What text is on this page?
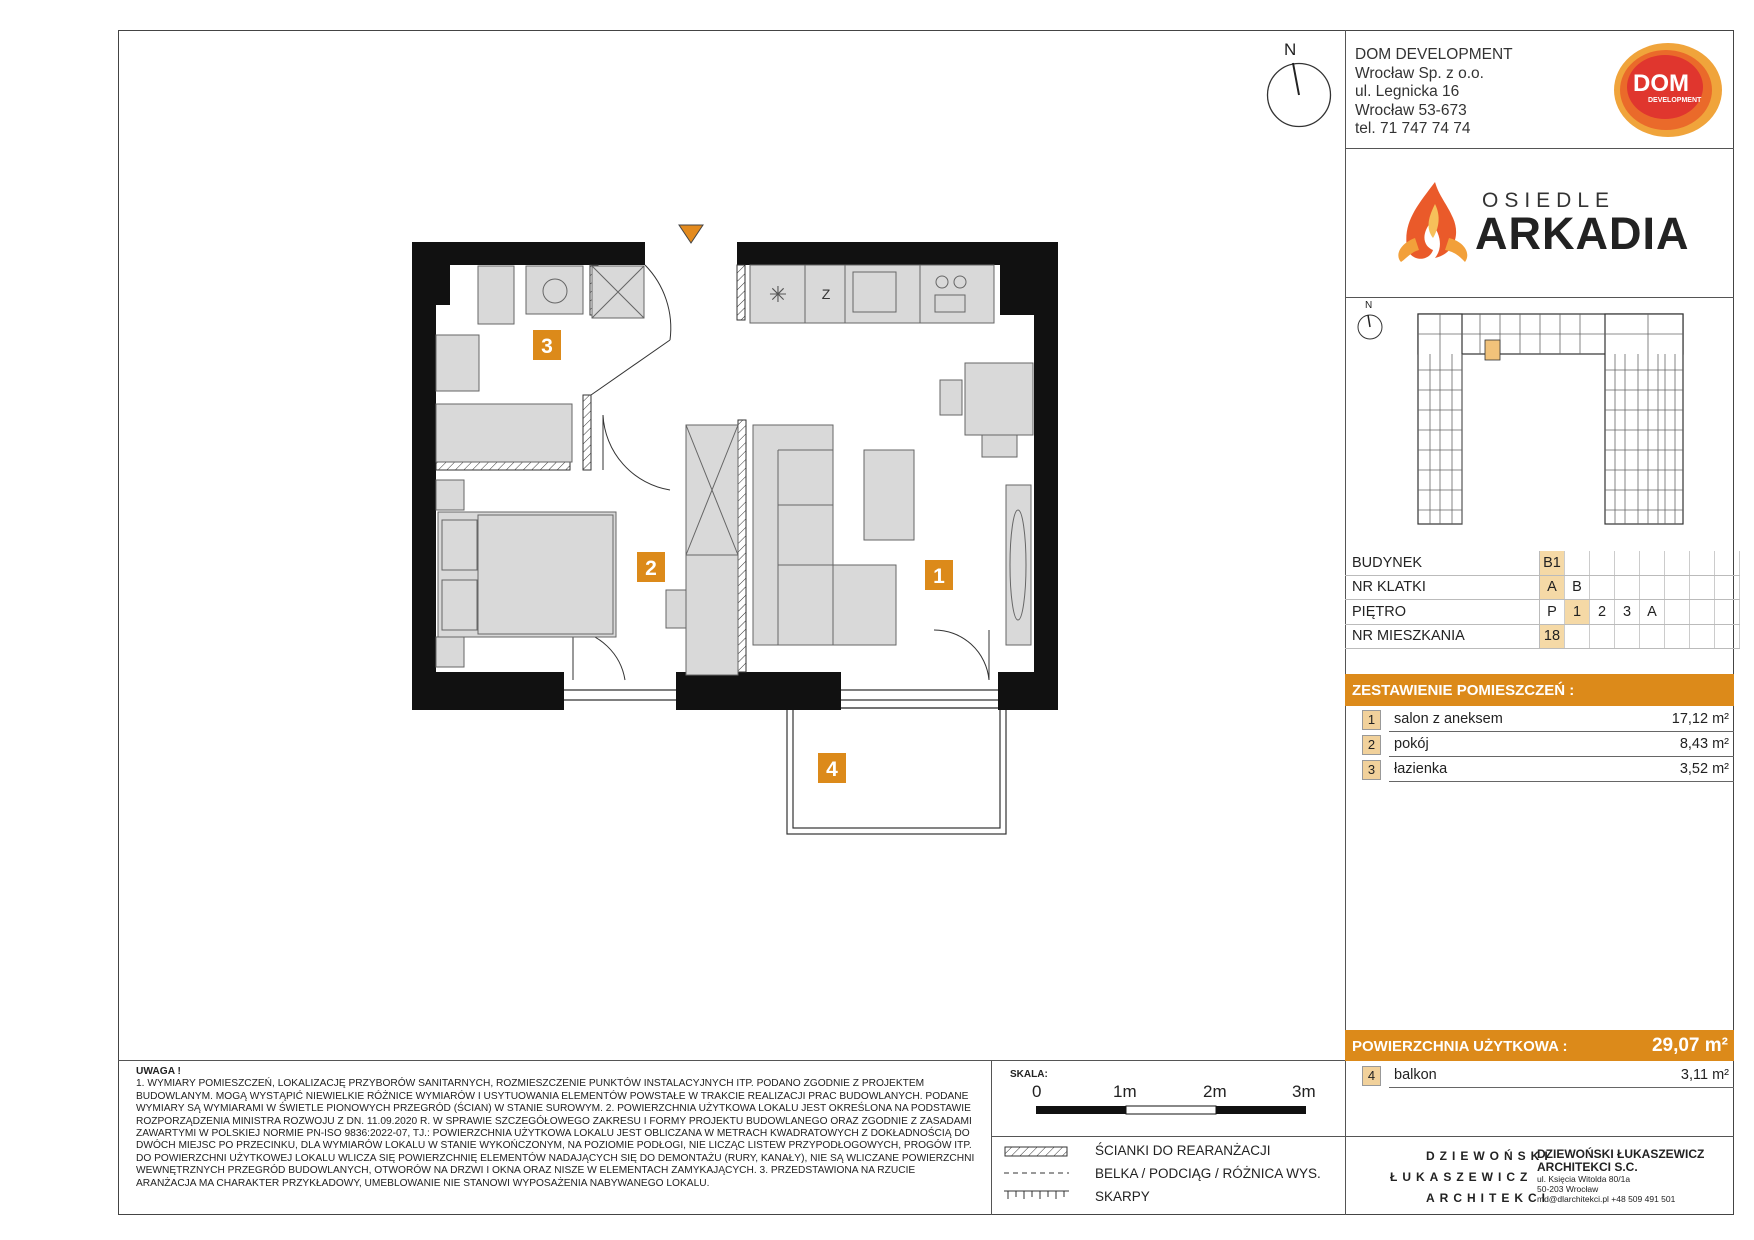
N	DOM DEVELOPMENT
Wrocław Sp. z o.o.
ul. Legnicka 16
Wrocław 53-673
tel. 71 747 74 74
DOM
DEVELOPMENT
OSIEDLE
ARKADIA
N
BUDYNEK	B1							
NR KLATKI	A	B						
PIĘTRO	P	1	2	3	A			
NR MIESZKANIA	18							
ZESTAWIENIE POMIESZCZEŃ :
1	salon z aneksem	17,12 m²
2	pokój	8,43 m²
3	łazienka	3,52 m²
POWIERZCHNIA UŻYTKOWA :	29,07 m²
4	balkon	3,11 m²
Z
✳
3
2	1
4
UWAGA !
1. WYMIARY POMIESZCZEŃ, LOKALIZACJĘ PRZYBORÓW SANITARNYCH, ROZMIESZCZENIE PUNKTÓW INSTALACYJNYCH ITP. PODANO ZGODNIE Z PROJEKTEM BUDOWLANYM. MOGĄ WYSTĄPIĆ NIEWIELKIE RÓŻNICE WYMIARÓW I USYTUOWANIA ELEMENTÓW POWSTAŁE W TRAKCIE REALIZACJI PRAC BUDOWLANYCH. PODANE WYMIARY SĄ WYMIARAMI W ŚWIETLE PIONOWYCH PRZEGRÓD (ŚCIAN) W STANIE SUROWYM. 2. POWIERZCHNIA UŻYTKOWA LOKALU JEST OKREŚLONA NA PODSTAWIE ROZPORZĄDZENIA MINISTRA ROZWOJU Z DN. 11.09.2020 R. W SPRAWIE SZCZEGÓŁOWEGO ZAKRESU I FORMY PROJEKTU BUDOWLANEGO ORAZ ZGODNIE Z ZASADAMI ZAWARTYMI W POLSKIEJ NORMIE PN-ISO 9836:2022-07, TJ.: POWIERZCHNIA UŻYTKOWA LOKALU JEST OBLICZANA W METRACH KWADRATOWYCH Z DOKŁADNOŚCIĄ DO DWÓCH MIEJSC PO PRZECINKU, DLA WYMIARÓW LOKALU W STANIE WYKOŃCZONYM, NA POZIOMIE PODŁOGI, NIE LICZĄC LISTEW PRZYPODŁOGOWYCH, PROGÓW ITP. DO POWIERZCHNI UŻYTKOWEJ LOKALU WLICZA SIĘ POWIERZCHNIĘ ELEMENTÓW NADAJĄCYCH SIĘ DO DEMONTAŻU (RURY, KANAŁY), NIE SĄ WLICZANE POWIERZCHNI WEWNĘTRZNYCH PRZEGRÓD BUDOWLANYCH, OTWORÓW NA DRZWI I OKNA ORAZ NISZE W ELEMENTACH ZAMYKAJĄCYCH. 3. PRZEDSTAWIONA NA RZUCIE ARANŻACJA MA CHARAKTER PRZYKŁADOWY, UMEBLOWANIE NIE STANOWI WYPOSAŻENIA NABYWANEGO LOKALU.
SKALA:
0	1m	2m	3m
ŚCIANKI DO REARANŻACJI
BELKA / PODCIĄG / RÓŻNICA WYS.
SKARPY
DZIEWOŃSKI
ŁUKASZEWICZ
ARCHITEKCI
DZIEWOŃSKI ŁUKASZEWICZ
ARCHITEKCI S.C.
ul. Księcia Witolda 80/1a
50-203 Wrocław
md@dlarchitekci.pl +48 509 491 501
